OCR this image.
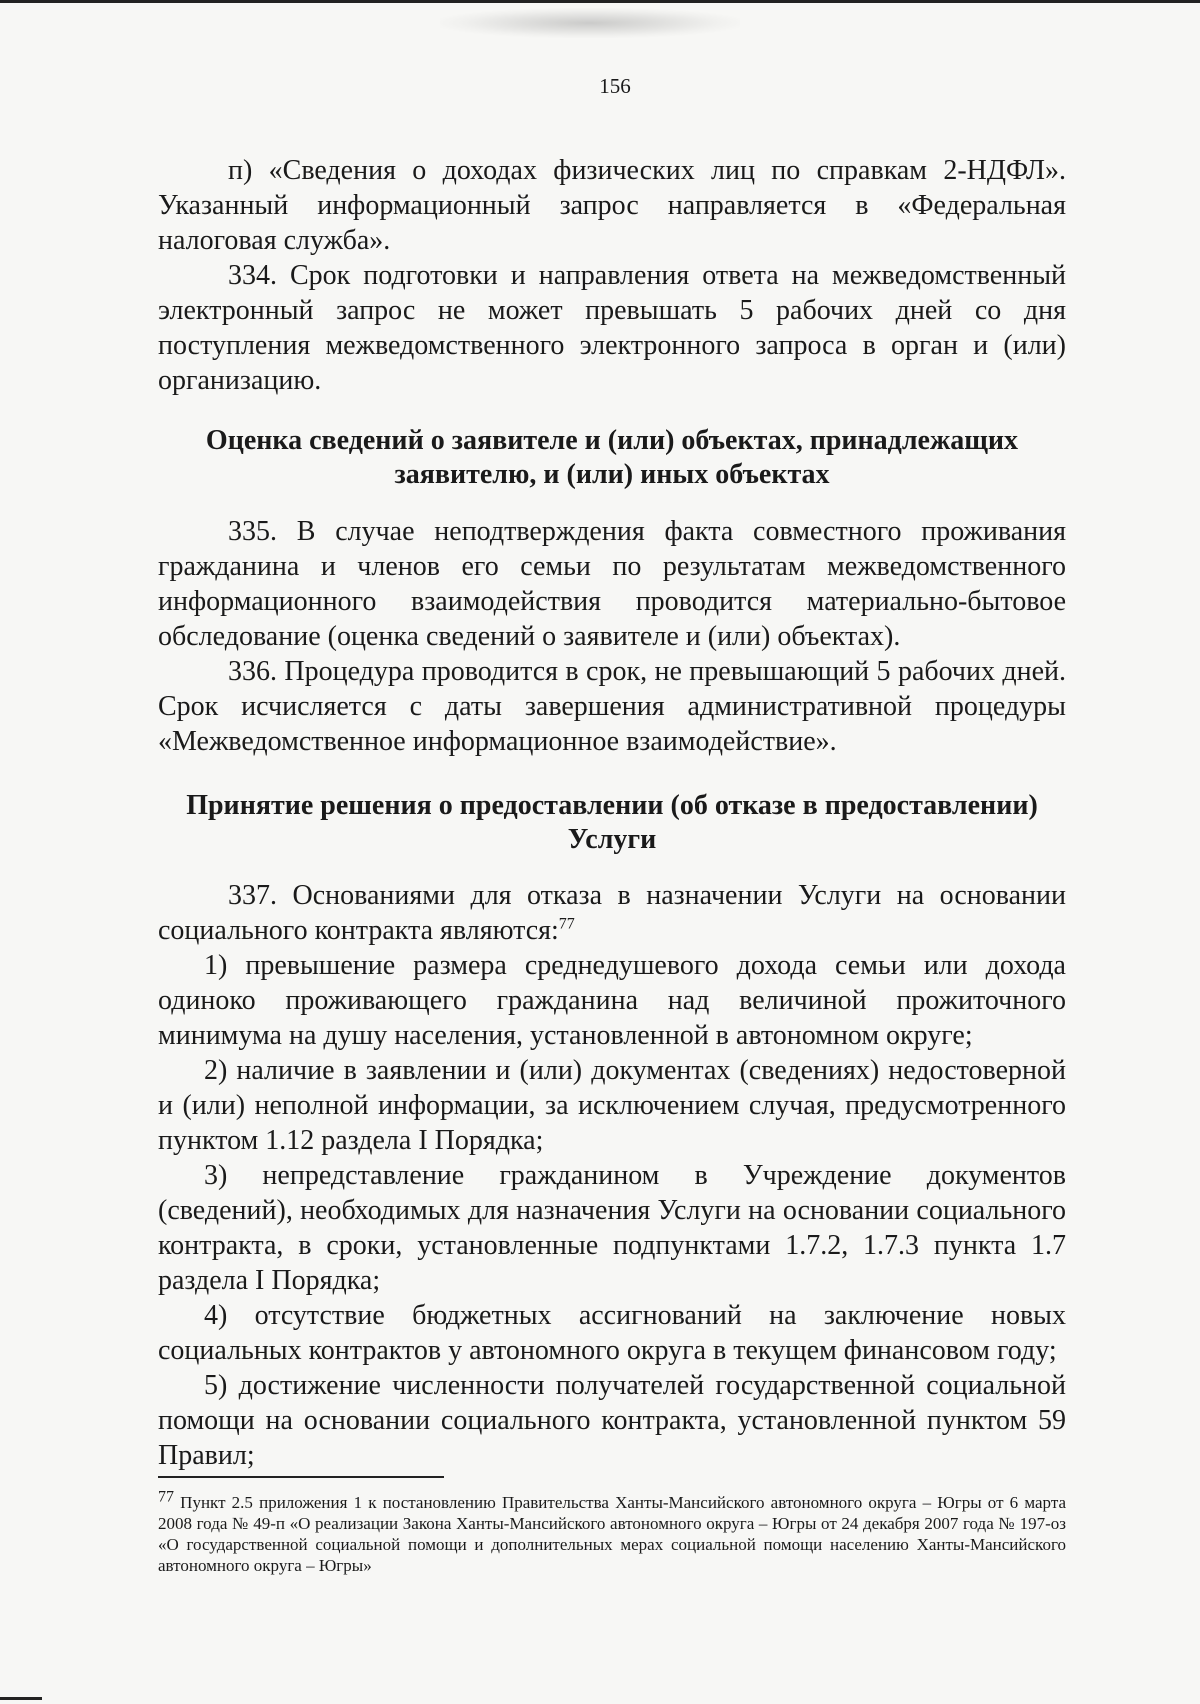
156

п) «Сведения о доходах физических лиц по справкам 2-НДФЛ». Указанный информационный запрос направляется в «Федеральная налоговая служба».

334. Срок подготовки и направления ответа на межведомственный электронный запрос не может превышать 5 рабочих дней со дня поступления межведомственного электронного запроса в орган и (или) организацию.

Оценка сведений о заявителе и (или) объектах, принадлежащих
заявителю, и (или) иных объектах

335. В случае неподтверждения факта совместного проживания гражданина и членов его семьи по результатам межведомственного информационного взаимодействия проводится материально-бытовое обследование (оценка сведений о заявителе и (или) объектах).

336. Процедура проводится в срок, не превышающий 5 рабочих дней. Срок исчисляется с даты завершения административной процедуры «Межведомственное информационное взаимодействие».

Принятие решения о предоставлении (об отказе в предоставлении)
Услуги

337. Основаниями для отказа в назначении Услуги на основании социального контракта являются:$^{77}$

1) превышение размера среднедушевого дохода семьи или дохода одиноко проживающего гражданина над величиной прожиточного минимума на душу населения, установленной в автономном округе;

2) наличие в заявлении и (или) документах (сведениях) недостоверной и (или) неполной информации, за исключением случая, предусмотренного пунктом 1.12 раздела I Порядка;

3) непредставление гражданином в Учреждение документов (сведений), необходимых для назначения Услуги на основании социального контракта, в сроки, установленные подпунктами 1.7.2, 1.7.3 пункта 1.7 раздела I Порядка;

4) отсутствие бюджетных ассигнований на заключение новых социальных контрактов у автономного округа в текущем финансовом году;

5) достижение численности получателей государственной социальной помощи на основании социального контракта, установленной пунктом 59 Правил;

$^{77}$ Пункт 2.5 приложения 1 к постановлению Правительства Ханты-Мансийского автономного округа – Югры от 6 марта 2008 года № 49-п «О реализации Закона Ханты-Мансийского автономного округа – Югры от 24 декабря 2007 года № 197-оз «О государственной социальной помощи и дополнительных мерах социальной помощи населению Ханты-Мансийского автономного округа – Югры»
